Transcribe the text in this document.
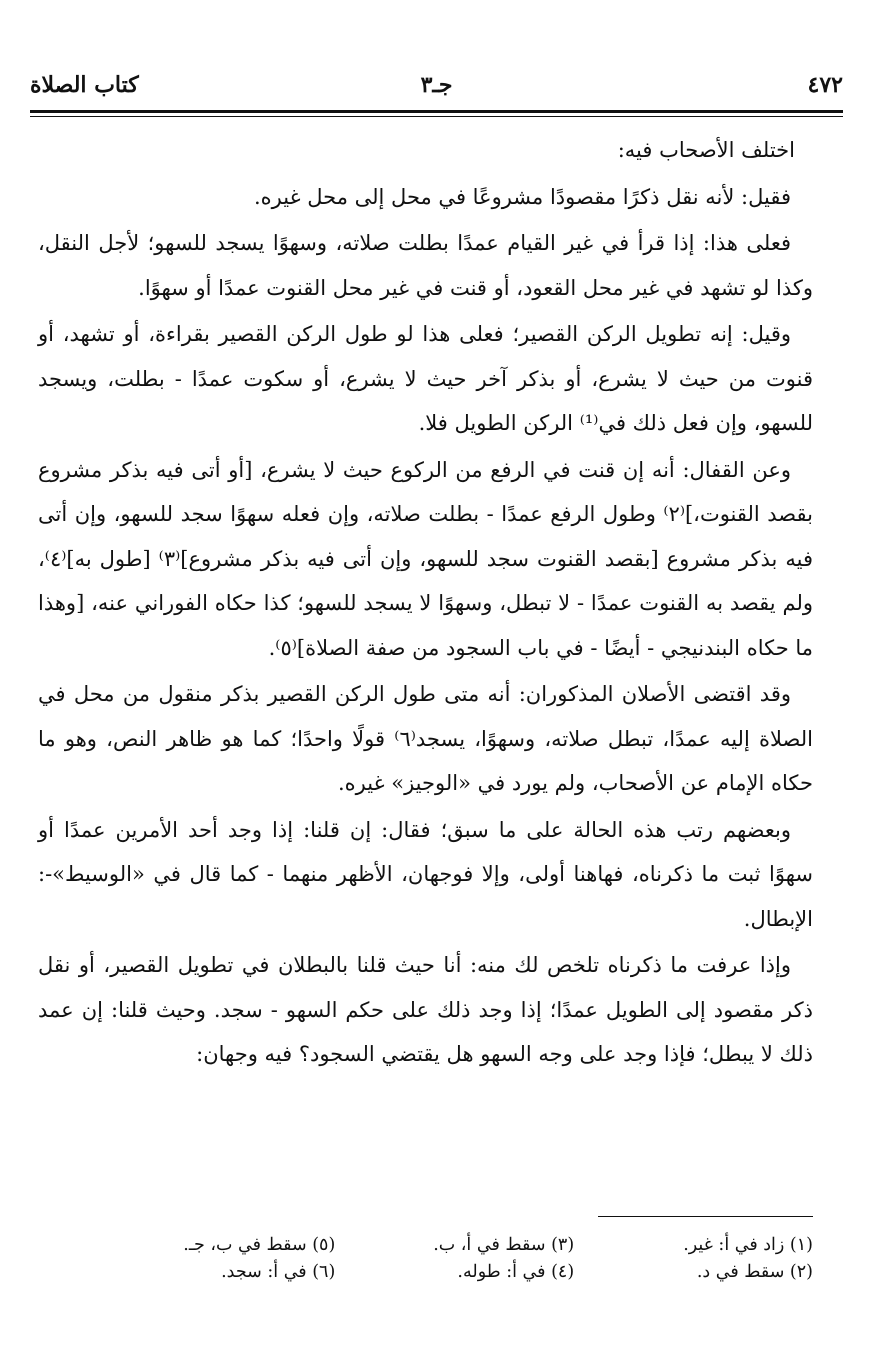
٤٧٢
جـ٣
كتاب الصلاة

اختلف الأصحاب فيه:

فقيل: لأنه نقل ذكرًا مقصودًا مشروعًا في محل إلى محل غيره.

فعلى هذا: إذا قرأ في غير القيام عمدًا بطلت صلاته، وسهوًا يسجد للسهو؛ لأجل النقل، وكذا لو تشهد في غير محل القعود، أو قنت في غير محل القنوت عمدًا أو سهوًا.

وقيل: إنه تطويل الركن القصير؛ فعلى هذا لو طول الركن القصير بقراءة، أو تشهد، أو قنوت من حيث لا يشرع، أو بذكر آخر حيث لا يشرع، أو سكوت عمدًا - بطلت، ويسجد للسهو، وإن فعل ذلك في⁽¹⁾ الركن الطويل فلا.

وعن القفال: أنه إن قنت في الرفع من الركوع حيث لا يشرع، [أو أتى فيه بذكر مشروع بقصد القنوت،]⁽٢⁾ وطول الرفع عمدًا - بطلت صلاته، وإن فعله سهوًا سجد للسهو، وإن أتى فيه بذكر مشروع [بقصد القنوت سجد للسهو، وإن أتى فيه بذكر مشروع]⁽٣⁾ [طول به]⁽٤⁾، ولم يقصد به القنوت عمدًا - لا تبطل، وسهوًا لا يسجد للسهو؛ كذا حكاه الفوراني عنه، [وهذا ما حكاه البندنيجي - أيضًا - في باب السجود من صفة الصلاة]⁽٥⁾.

وقد اقتضى الأصلان المذكوران: أنه متى طول الركن القصير بذكر منقول من محل في الصلاة إليه عمدًا، تبطل صلاته، وسهوًا، يسجد⁽٦⁾ قولًا واحدًا؛ كما هو ظاهر النص، وهو ما حكاه الإمام عن الأصحاب، ولم يورد في «الوجيز» غيره.

وبعضهم رتب هذه الحالة على ما سبق؛ فقال: إن قلنا: إذا وجد أحد الأمرين عمدًا أو سهوًا ثبت ما ذكرناه، فهاهنا أولى، وإلا فوجهان، الأظهر منهما - كما قال في «الوسيط»-: الإبطال.

وإذا عرفت ما ذكرناه تلخص لك منه: أنا حيث قلنا بالبطلان في تطويل القصير، أو نقل ذكر مقصود إلى الطويل عمدًا؛ إذا وجد ذلك على حكم السهو - سجد. وحيث قلنا: إن عمد ذلك لا يبطل؛ فإذا وجد على وجه السهو هل يقتضي السجود؟ فيه وجهان:

(١) زاد في أ: غير.
(٣) سقط في أ، ب.
(٥) سقط في ب، جـ.
(٢) سقط في د.
(٤) في أ: طوله.
(٦) في أ: سجد.
